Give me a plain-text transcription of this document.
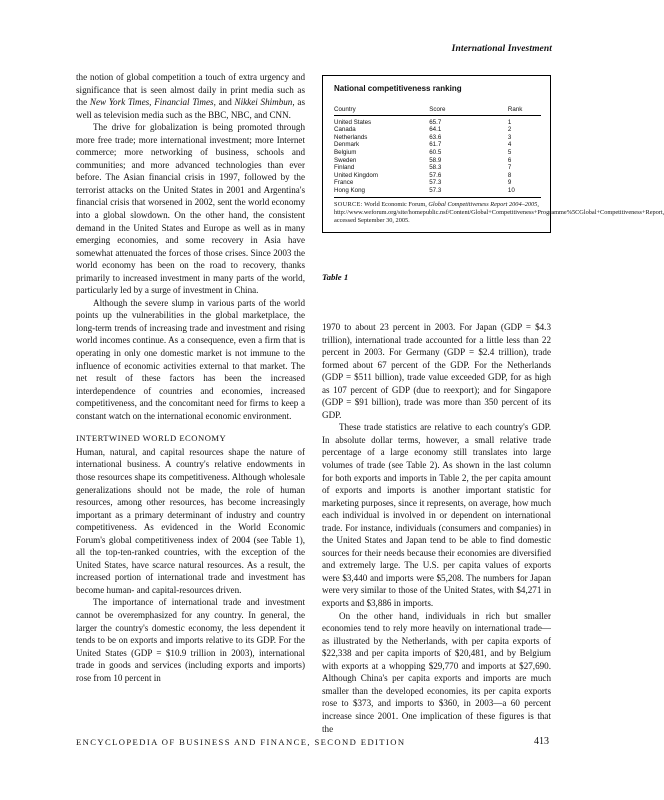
International Investment

the notion of global competition a touch of extra urgency and significance that is seen almost daily in print media such as the New York Times, Financial Times, and Nikkei Shimbun, as well as television media such as the BBC, NBC, and CNN.

The drive for globalization is being promoted through more free trade; more international investment; more Internet commerce; more networking of business, schools and communities; and more advanced technologies than ever before. The Asian financial crisis in 1997, followed by the terrorist attacks on the United States in 2001 and Argentina's financial crisis that worsened in 2002, sent the world economy into a global slowdown. On the other hand, the consistent demand in the United States and Europe as well as in many emerging economies, and some recovery in Asia have somewhat attenuated the forces of those crises. Since 2003 the world economy has been on the road to recovery, thanks primarily to increased investment in many parts of the world, particularly led by a surge of investment in China.

Although the severe slump in various parts of the world points up the vulnerabilities in the global marketplace, the long-term trends of increasing trade and investment and rising world incomes continue. As a consequence, even a firm that is operating in only one domestic market is not immune to the influence of economic activities external to that market. The net result of these factors has been the increased interdependence of countries and economies, increased competitiveness, and the concomitant need for firms to keep a constant watch on the international economic environment.

INTERTWINED WORLD ECONOMY

Human, natural, and capital resources shape the nature of international business. A country's relative endowments in those resources shape its competitiveness. Although wholesale generalizations should not be made, the role of human resources, among other resources, has become increasingly important as a primary determinant of industry and country competitiveness. As evidenced in the World Economic Forum's global competitiveness index of 2004 (see Table 1), all the top-ten-ranked countries, with the exception of the United States, have scarce natural resources. As a result, the increased portion of international trade and investment has become human- and capital-resources driven.

The importance of international trade and investment cannot be overemphasized for any country. In general, the larger the country's domestic economy, the less dependent it tends to be on exports and imports relative to its GDP. For the United States (GDP = $10.9 trillion in 2003), international trade in goods and services (including exports and imports) rose from 10 percent in

National competitiveness ranking
Country	Score	Rank
United States	65.7	1
Canada	64.1	2
Netherlands	63.6	3
Denmark	61.7	4
Belgium	60.5	5
Sweden	58.9	6
Finland	58.3	7
United Kingdom	57.6	8
France	57.3	9
Hong Kong	57.3	10
SOURCE: World Economic Forum, Global Competitiveness Report 2004–2005, http://www.weforum.org/site/homepublic.nsf/Content/Global+Competitiveness+Programme%5CGlobal+Competitiveness+Report, accessed September 30, 2005.
Table 1

1970 to about 23 percent in 2003. For Japan (GDP = $4.3 trillion), international trade accounted for a little less than 22 percent in 2003. For Germany (GDP = $2.4 trillion), trade formed about 67 percent of the GDP. For the Netherlands (GDP = $511 billion), trade value exceeded GDP, for as high as 107 percent of GDP (due to reexport); and for Singapore (GDP = $91 billion), trade was more than 350 percent of its GDP.

These trade statistics are relative to each country's GDP. In absolute dollar terms, however, a small relative trade percentage of a large economy still translates into large volumes of trade (see Table 2). As shown in the last column for both exports and imports in Table 2, the per capita amount of exports and imports is another important statistic for marketing purposes, since it represents, on average, how much each individual is involved in or dependent on international trade. For instance, individuals (consumers and companies) in the United States and Japan tend to be able to find domestic sources for their needs because their economies are diversified and extremely large. The U.S. per capita values of exports were $3,440 and imports were $5,208. The numbers for Japan were very similar to those of the United States, with $4,271 in exports and $3,886 in imports.

On the other hand, individuals in rich but smaller economies tend to rely more heavily on international trade—as illustrated by the Netherlands, with per capita exports of $22,338 and per capita imports of $20,481, and by Belgium with exports at a whopping $29,770 and imports at $27,690. Although China's per capita exports and imports are much smaller than the developed economies, its per capita exports rose to $373, and imports to $360, in 2003—a 60 percent increase since 2001. One implication of these figures is that the

ENCYCLOPEDIA OF BUSINESS AND FINANCE, SECOND EDITION	413
